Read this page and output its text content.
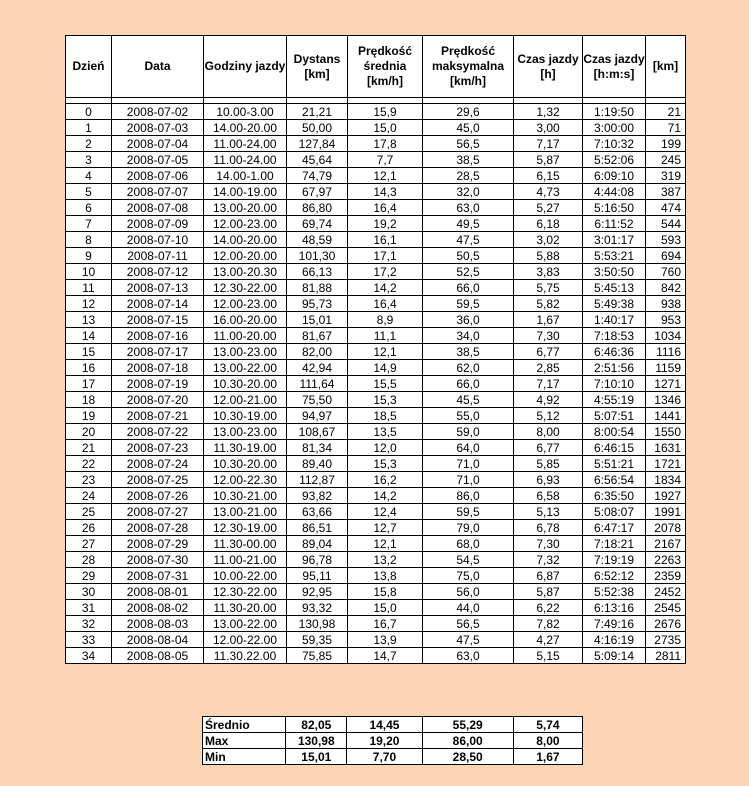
Dzień	Data	Godziny jazdy	Dystans [km]	Prędkość średnia [km/h]	Prędkość maksymalna [km/h]	Czas jazdy [h]	Czas jazdy [h:m:s]	[km]

0	2008-07-02	10.00-3.00	21,21	15,9	29,6	1,32	1:19:50	21
1	2008-07-03	14.00-20.00	50,00	15,0	45,0	3,00	3:00:00	71
2	2008-07-04	11.00-24.00	127,84	17,8	56,5	7,17	7:10:32	199
3	2008-07-05	11.00-24.00	45,64	7,7	38,5	5,87	5:52:06	245
4	2008-07-06	14.00-1.00	74,79	12,1	28,5	6,15	6:09:10	319
5	2008-07-07	14.00-19.00	67,97	14,3	32,0	4,73	4:44:08	387
6	2008-07-08	13.00-20.00	86,80	16,4	63,0	5,27	5:16:50	474
7	2008-07-09	12.00-23.00	69,74	19,2	49,5	6,18	6:11:52	544
8	2008-07-10	14.00-20.00	48,59	16,1	47,5	3,02	3:01:17	593
9	2008-07-11	12.00-20.00	101,30	17,1	50,5	5,88	5:53:21	694
10	2008-07-12	13.00-20.30	66,13	17,2	52,5	3,83	3:50:50	760
11	2008-07-13	12.30-22.00	81,88	14,2	66,0	5,75	5:45:13	842
12	2008-07-14	12.00-23.00	95,73	16,4	59,5	5,82	5:49:38	938
13	2008-07-15	16.00-20.00	15,01	8,9	36,0	1,67	1:40:17	953
14	2008-07-16	11.00-20.00	81,67	11,1	34,0	7,30	7:18:53	1034
15	2008-07-17	13.00-23.00	82,00	12,1	38,5	6,77	6:46:36	1116
16	2008-07-18	13.00-22.00	42,94	14,9	62,0	2,85	2:51:56	1159
17	2008-07-19	10.30-20.00	111,64	15,5	66,0	7,17	7:10:10	1271
18	2008-07-20	12.00-21.00	75,50	15,3	45,5	4,92	4:55:19	1346
19	2008-07-21	10.30-19.00	94,97	18,5	55,0	5,12	5:07:51	1441
20	2008-07-22	13.00-23.00	108,67	13,5	59,0	8,00	8:00:54	1550
21	2008-07-23	11.30-19.00	81,34	12,0	64,0	6,77	6:46:15	1631
22	2008-07-24	10.30-20.00	89,40	15,3	71,0	5,85	5:51:21	1721
23	2008-07-25	12.00-22.30	112,87	16,2	71,0	6,93	6:56:54	1834
24	2008-07-26	10.30-21.00	93,82	14,2	86,0	6,58	6:35:50	1927
25	2008-07-27	13.00-21.00	63,66	12,4	59,5	5,13	5:08:07	1991
26	2008-07-28	12.30-19.00	86,51	12,7	79,0	6,78	6:47:17	2078
27	2008-07-29	11.30-00.00	89,04	12,1	68,0	7,30	7:18:21	2167
28	2008-07-30	11.00-21.00	96,78	13,2	54,5	7,32	7:19:19	2263
29	2008-07-31	10.00-22.00	95,11	13,8	75,0	6,87	6:52:12	2359
30	2008-08-01	12.30-22.00	92,95	15,8	56,0	5,87	5:52:38	2452
31	2008-08-02	11.30-20.00	93,32	15,0	44,0	6,22	6:13:16	2545
32	2008-08-03	13.00-22.00	130,98	16,7	56,5	7,82	7:49:16	2676
33	2008-08-04	12.00-22.00	59,35	13,9	47,5	4,27	4:16:19	2735
34	2008-08-05	11.30.22.00	75,85	14,7	63,0	5,15	5:09:14	2811
Średnio	82,05	14,45	55,29	5,74
Max	130,98	19,20	86,00	8,00
Min	15,01	7,70	28,50	1,67
